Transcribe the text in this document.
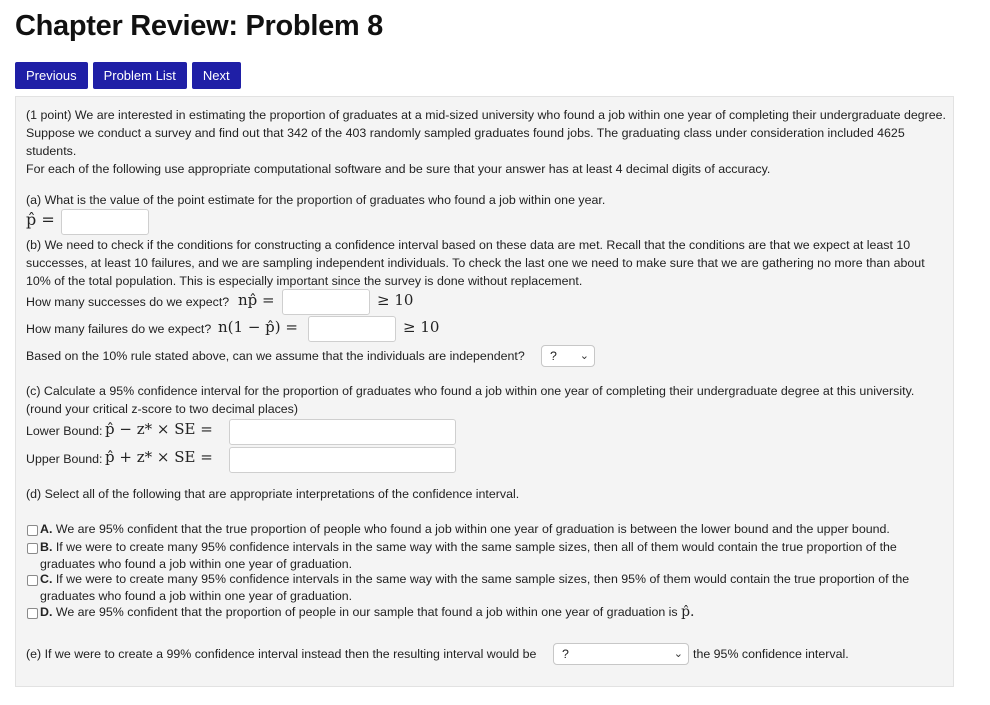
Chapter Review: Problem 8
Previous	Problem List	Next
(1 point) We are interested in estimating the proportion of graduates at a mid-sized university who found a job within one year of completing their undergraduate degree. Suppose we conduct a survey and find out that 342 of the 403 randomly sampled graduates found jobs. The graduating class under consideration included 4625 students.
For each of the following use appropriate computational software and be sure that your answer has at least 4 decimal digits of accuracy.
(a) What is the value of the point estimate for the proportion of graduates who found a job within one year.
p̂ =
(b) We need to check if the conditions for constructing a confidence interval based on these data are met. Recall that the conditions are that we expect at least 10 successes, at least 10 failures, and we are sampling independent individuals. To check the last one we need to make sure that we are gathering no more than about 10% of the total population. This is especially important since the survey is done without replacement.
How many successes do we expect? np̂ =	≥ 10
How many failures do we expect? n(1 − p̂) =	≥ 10
Based on the 10% rule stated above, can we assume that the individuals are independent?	? ⌄
(c) Calculate a 95% confidence interval for the proportion of graduates who found a job within one year of completing their undergraduate degree at this university. (round your critical z-score to two decimal places)
Lower Bound: p̂ − z* × SE =
Upper Bound: p̂ + z* × SE =
(d) Select all of the following that are appropriate interpretations of the confidence interval.
A. We are 95% confident that the true proportion of people who found a job within one year of graduation is between the lower bound and the upper bound.
B. If we were to create many 95% confidence intervals in the same way with the same sample sizes, then all of them would contain the true proportion of the graduates who found a job within one year of graduation.
C. If we were to create many 95% confidence intervals in the same way with the same sample sizes, then 95% of them would contain the true proportion of the graduates who found a job within one year of graduation.
D. We are 95% confident that the proportion of people in our sample that found a job within one year of graduation is p̂.
(e) If we were to create a 99% confidence interval instead then the resulting interval would be	?	⌄ the 95% confidence interval.
